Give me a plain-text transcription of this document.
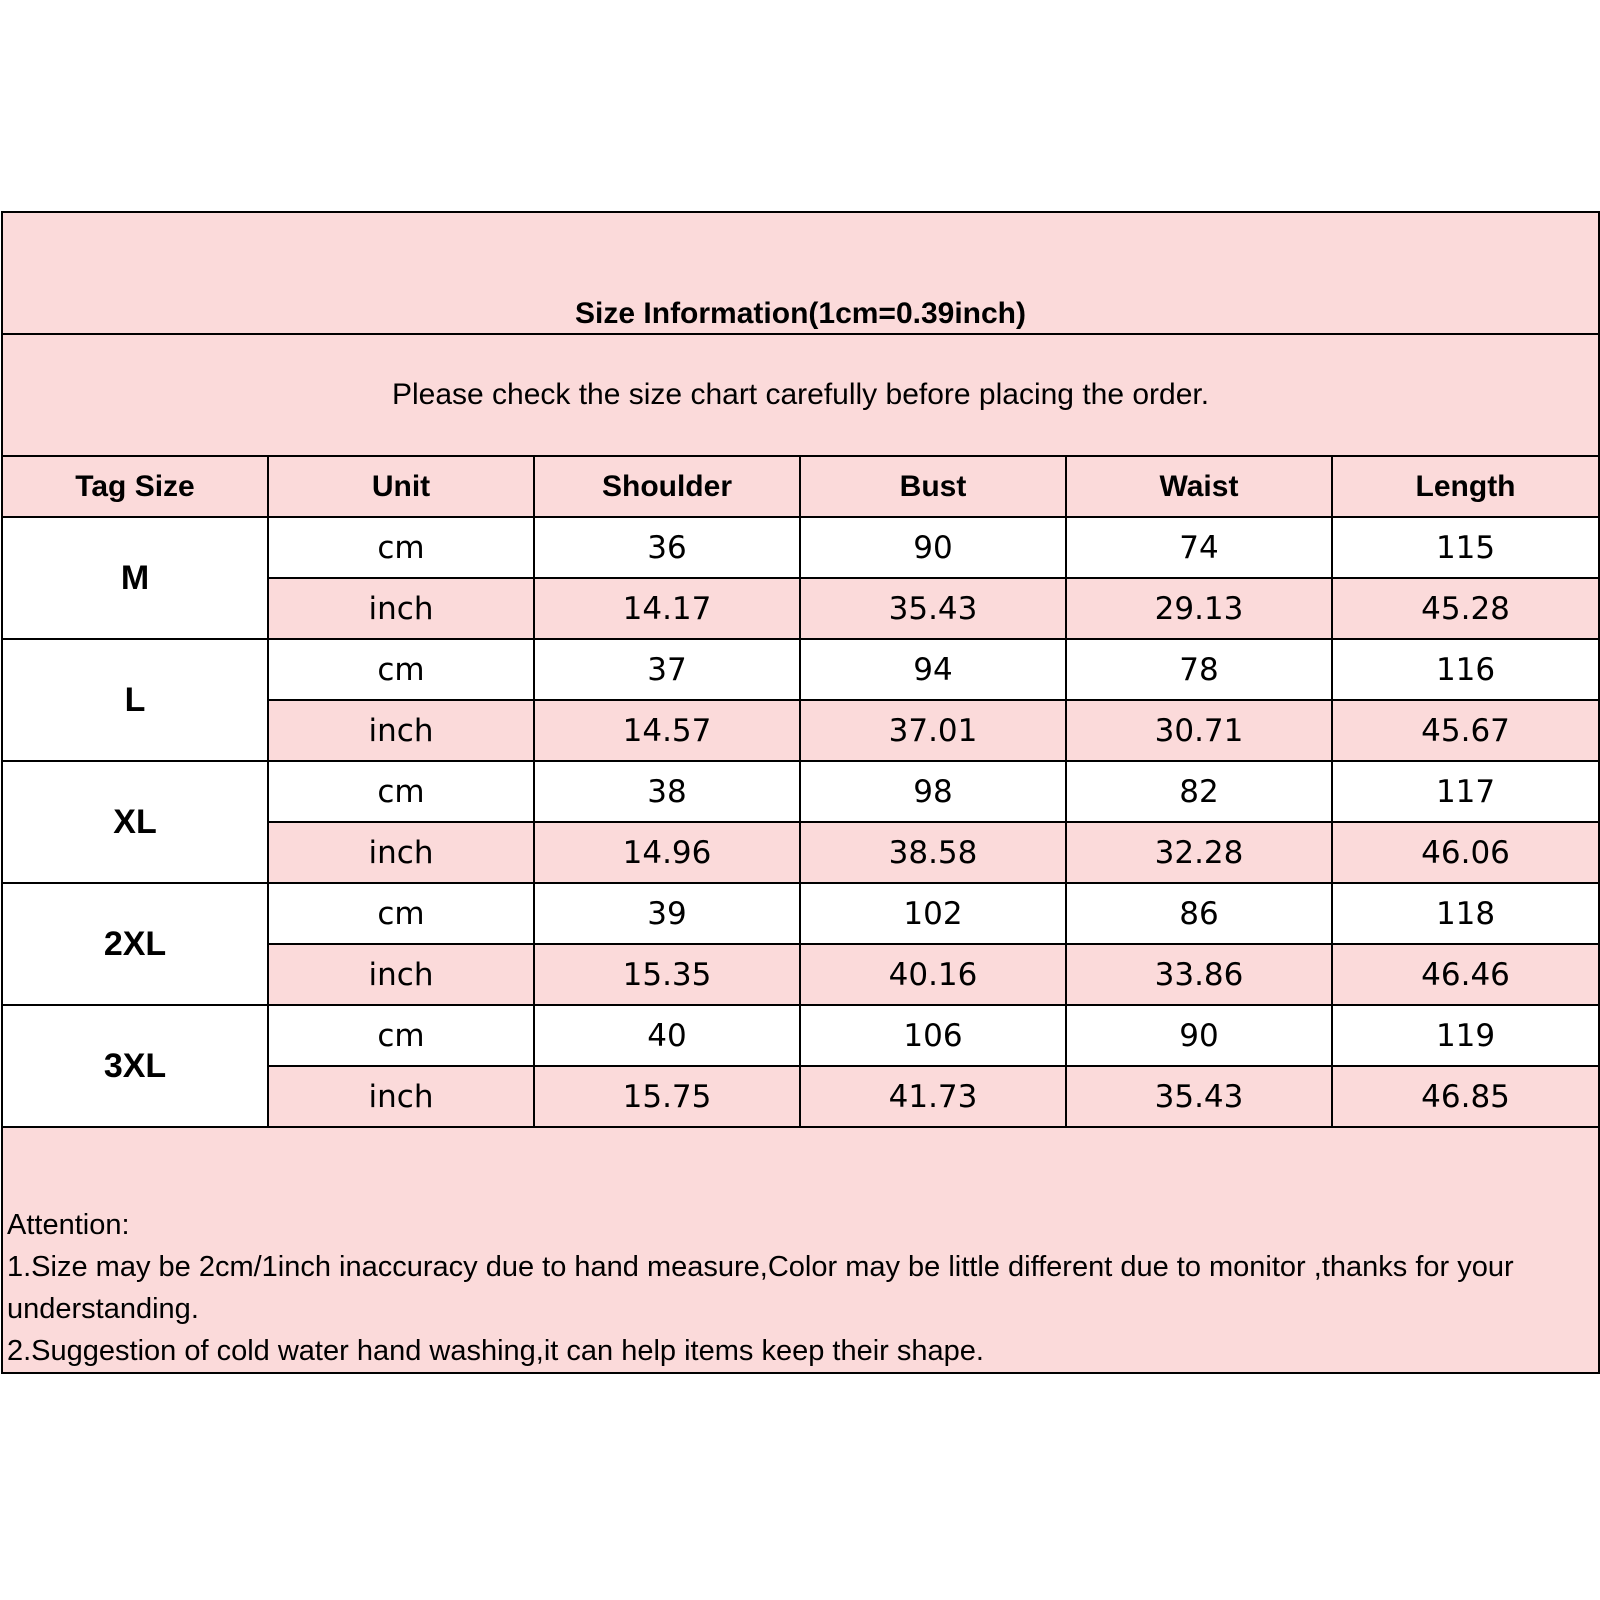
Size Information(1cm=0.39inch)					

Please check the size chart carefully before placing the order.					
Tag Size	Unit	Shoulder	Bust	Waist	Length
M	cm	36	90	74	115
	inch	14.17	35.43	29.13	45.28
L	cm	37	94	78	116
	inch	14.57	37.01	30.71	45.67
XL	cm	38	98	82	117
	inch	14.96	38.58	32.28	46.06
2XL	cm	39	102	86	118
	inch	15.35	40.16	33.86	46.46
3XL	cm	40	106	90	119
	inch	15.75	41.73	35.43	46.85

Attention:
1.Size may be 2cm/1inch inaccuracy due to hand measure,Color may be little different due to monitor ,thanks for your understanding.
2.Suggestion of cold water hand washing,it can help items keep their shape.					
